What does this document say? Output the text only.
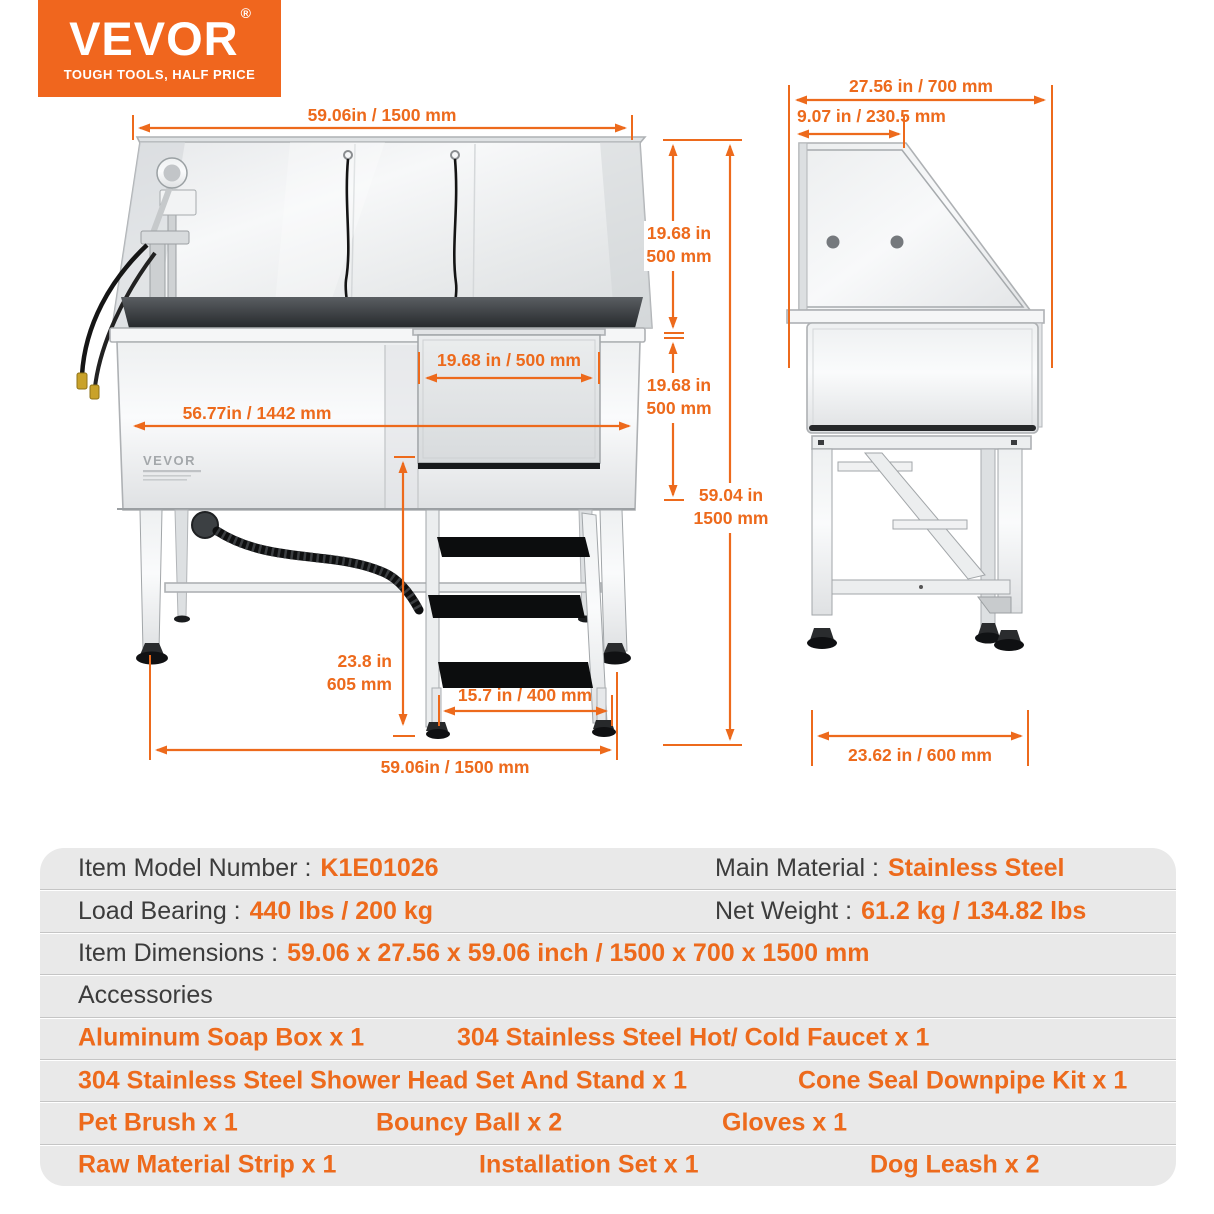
VEVOR ®
TOUGH TOOLS, HALF PRICE
VEVOR
59.06in / 1500 mm
19.68 in
500 mm
19.68 in
500 mm
59.04 in
1500 mm
19.68 in / 500 mm
56.77in / 1442 mm
23.8 in
605 mm
15.7 in / 400 mm
59.06in / 1500 mm
27.56 in / 700 mm
9.07 in / 230.5 mm
23.62 in / 600 mm
Item Model Number : K1E01026	Main Material : Stainless Steel
Load Bearing : 440 lbs / 200 kg	Net Weight : 61.2 kg / 134.82 lbs
Item Dimensions : 59.06 x 27.56 x 59.06 inch / 1500 x 700 x 1500 mm
Accessories
Aluminum Soap Box x 1	304 Stainless Steel Hot/ Cold Faucet x 1
304 Stainless Steel Shower Head Set And Stand x 1	Cone Seal Downpipe Kit x 1
Pet Brush x 1	Bouncy Ball x 2	Gloves x 1
Raw Material Strip x 1	Installation Set x 1	Dog Leash x 2
